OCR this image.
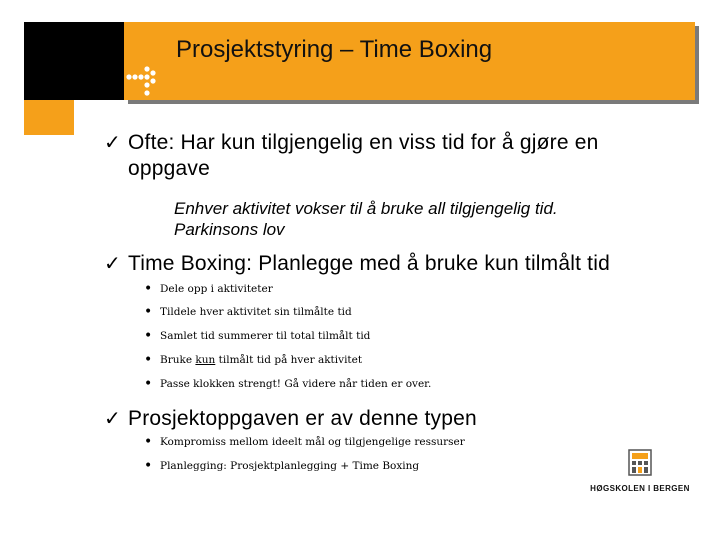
Prosjektstyring – Time Boxing
✓ Ofte: Har kun tilgjengelig en viss tid for å gjøre en
oppgave
Enhver aktivitet vokser til å bruke all tilgjengelig tid.
Parkinsons lov
✓ Time Boxing: Planlegge med å bruke kun tilmålt tid
• Dele opp i aktiviteter
• Tildele hver aktivitet sin tilmålte tid
• Samlet tid summerer til total tilmålt tid
• Bruke kun tilmålt tid på hver aktivitet
• Passe klokken strengt! Gå videre når tiden er over.
✓ Prosjektoppgaven er av denne typen
• Kompromiss mellom ideelt mål og tilgjengelige ressurser
• Planlegging: Prosjektplanlegging + Time Boxing
HØGSKOLEN I BERGEN
